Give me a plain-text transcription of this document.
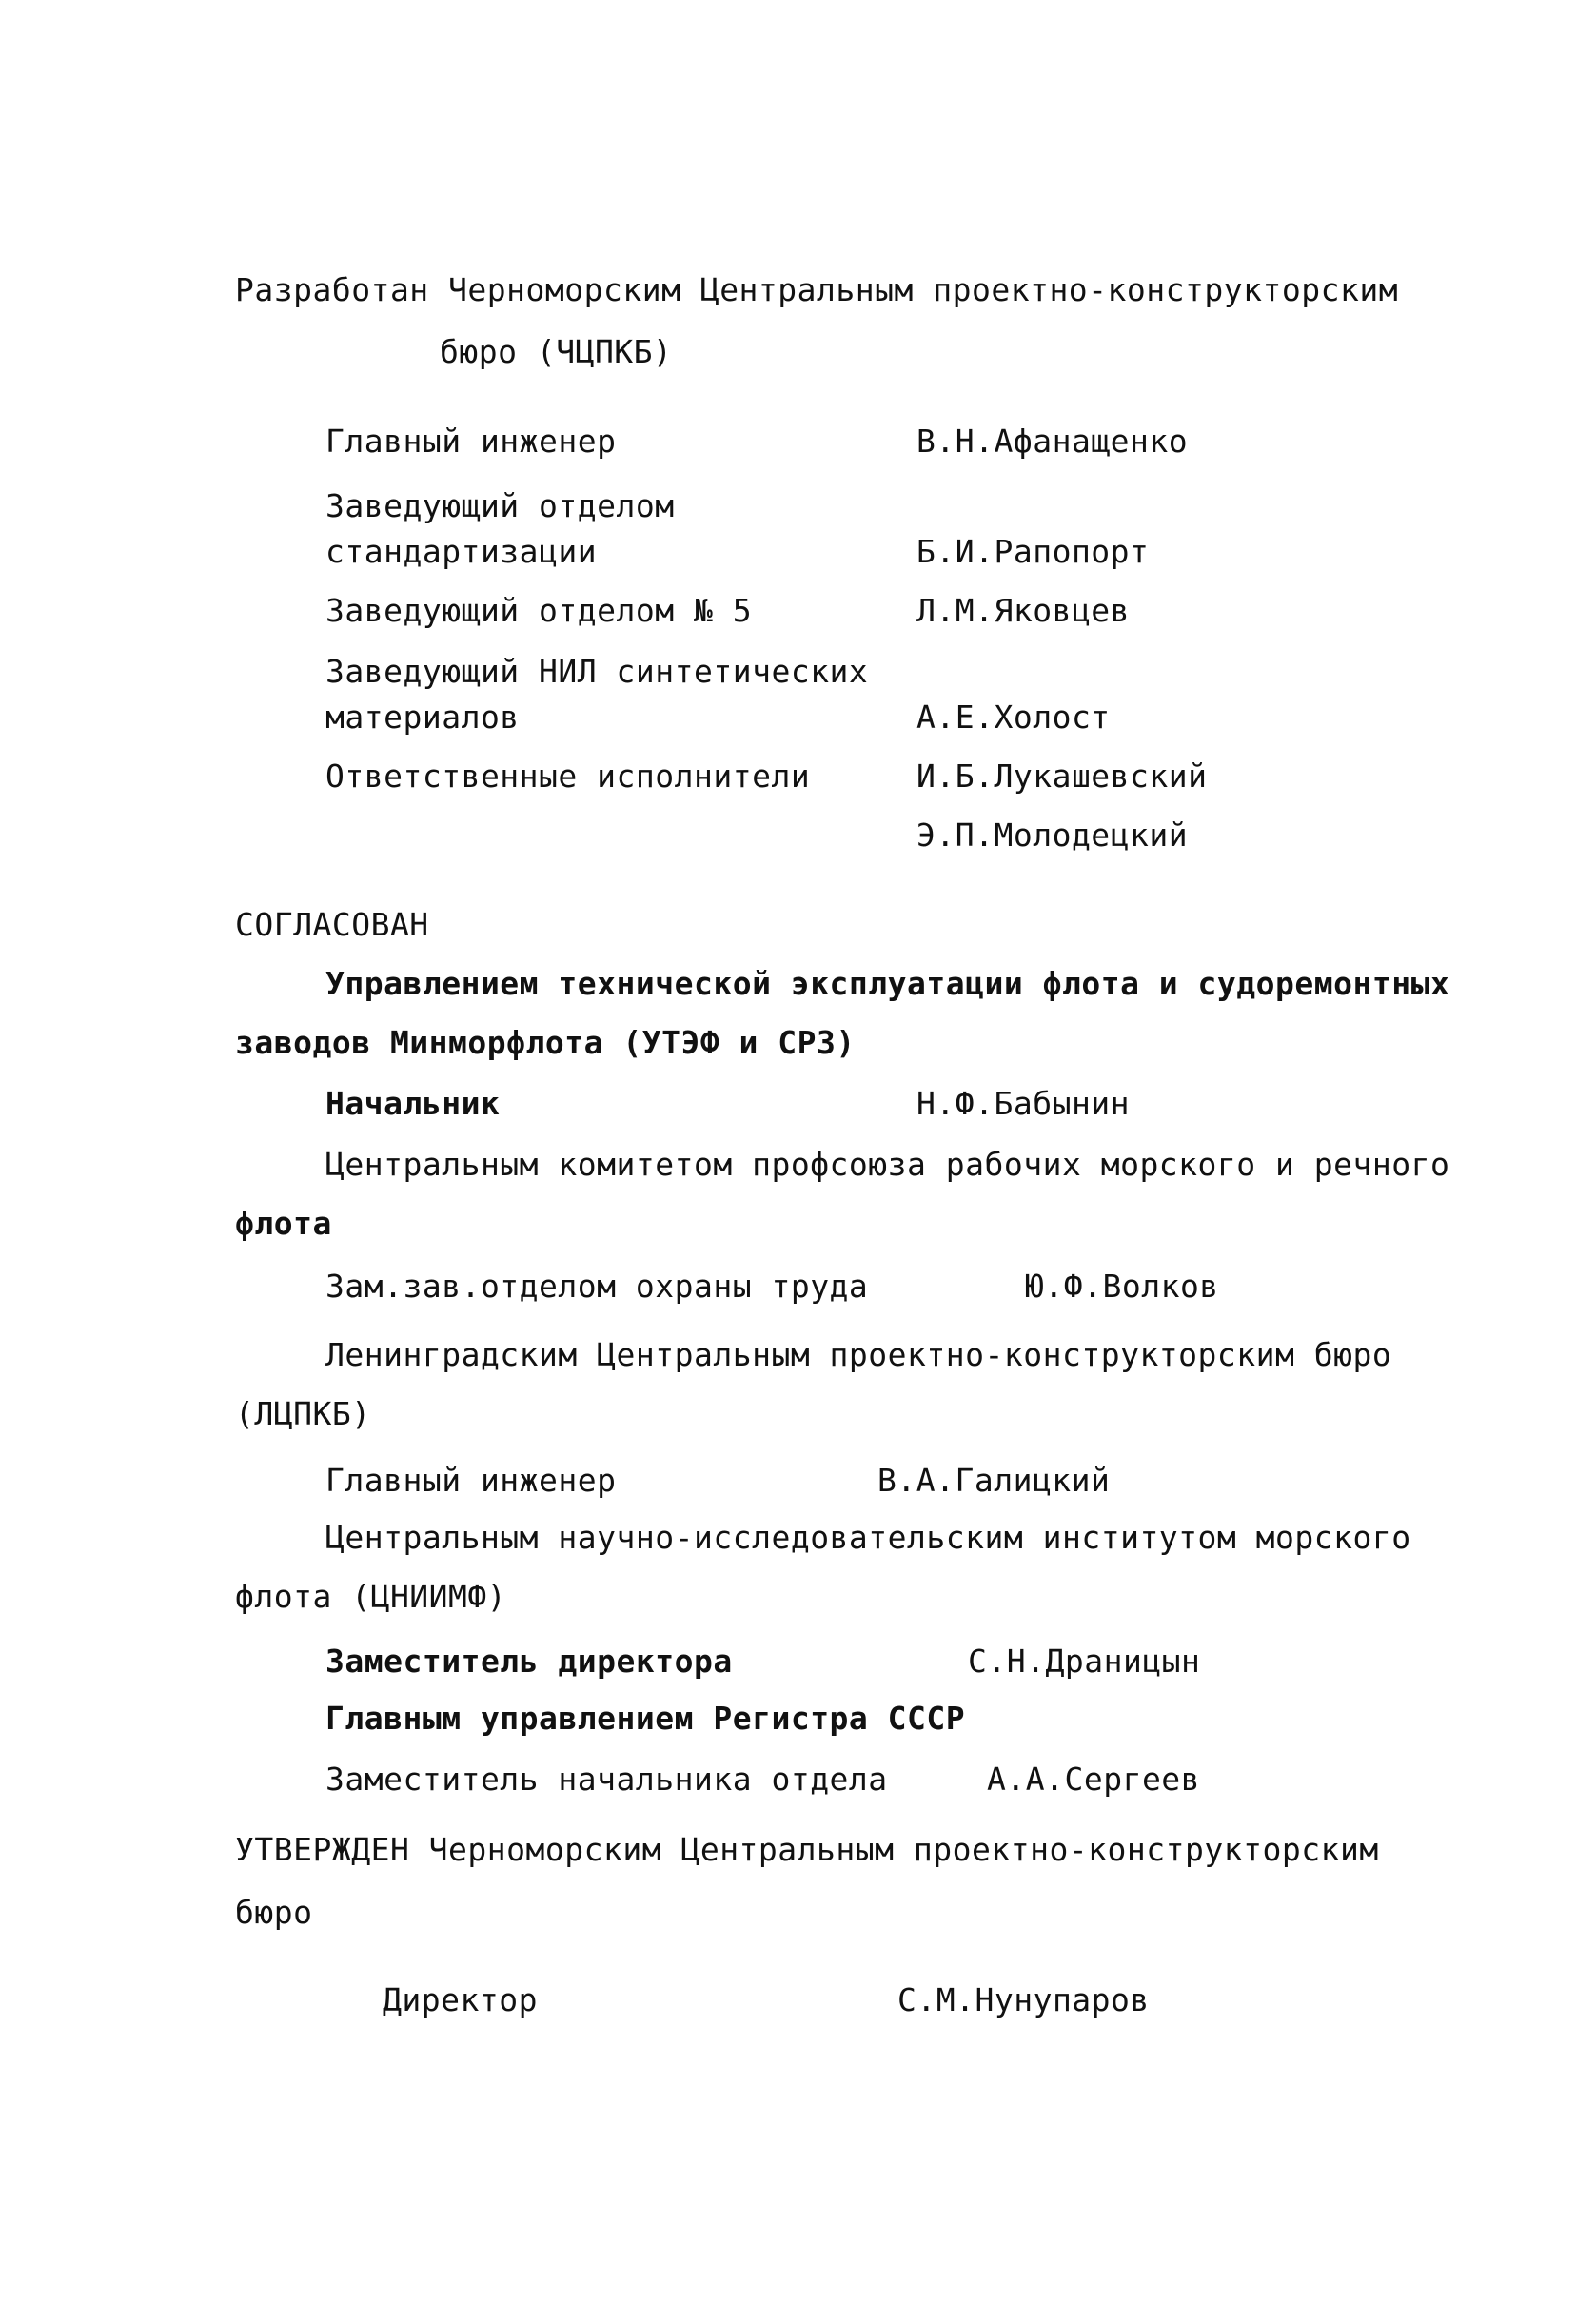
Разработан Черноморским Центральным проектно-конструкторским
бюро (ЧЦПКБ)
Главный инженер	В.Н.Афанащенко
Заведующий отделом
стандартизации	Б.И.Рапопорт
Заведующий отделом № 5	Л.М.Яковцев
Заведующий НИЛ синтетических
материалов	А.Е.Холост
Ответственные исполнители	И.Б.Лукашевский
Э.П.Молодецкий
СОГЛАСОВАН
Управлением технической эксплуатации флота и судоремонтных
заводов Минморфлота (УТЭФ и СРЗ)
Начальник	Н.Ф.Бабынин
Центральным комитетом профсоюза рабочих морского и речного
флота
Зам.зав.отделом охраны труда	Ю.Ф.Волков
Ленинградским Центральным проектно-конструкторским бюро
(ЛЦПКБ)
Главный инженер	В.А.Галицкий
Центральным научно-исследовательским институтом морского
флота (ЦНИИМФ)
Заместитель директора	С.Н.Драницын
Главным управлением Регистра СССР
Заместитель начальника отдела	А.А.Сергеев
УТВЕРЖДЕН Черноморским Центральным проектно-конструкторским
бюро
Директор	С.М.Нунупаров
